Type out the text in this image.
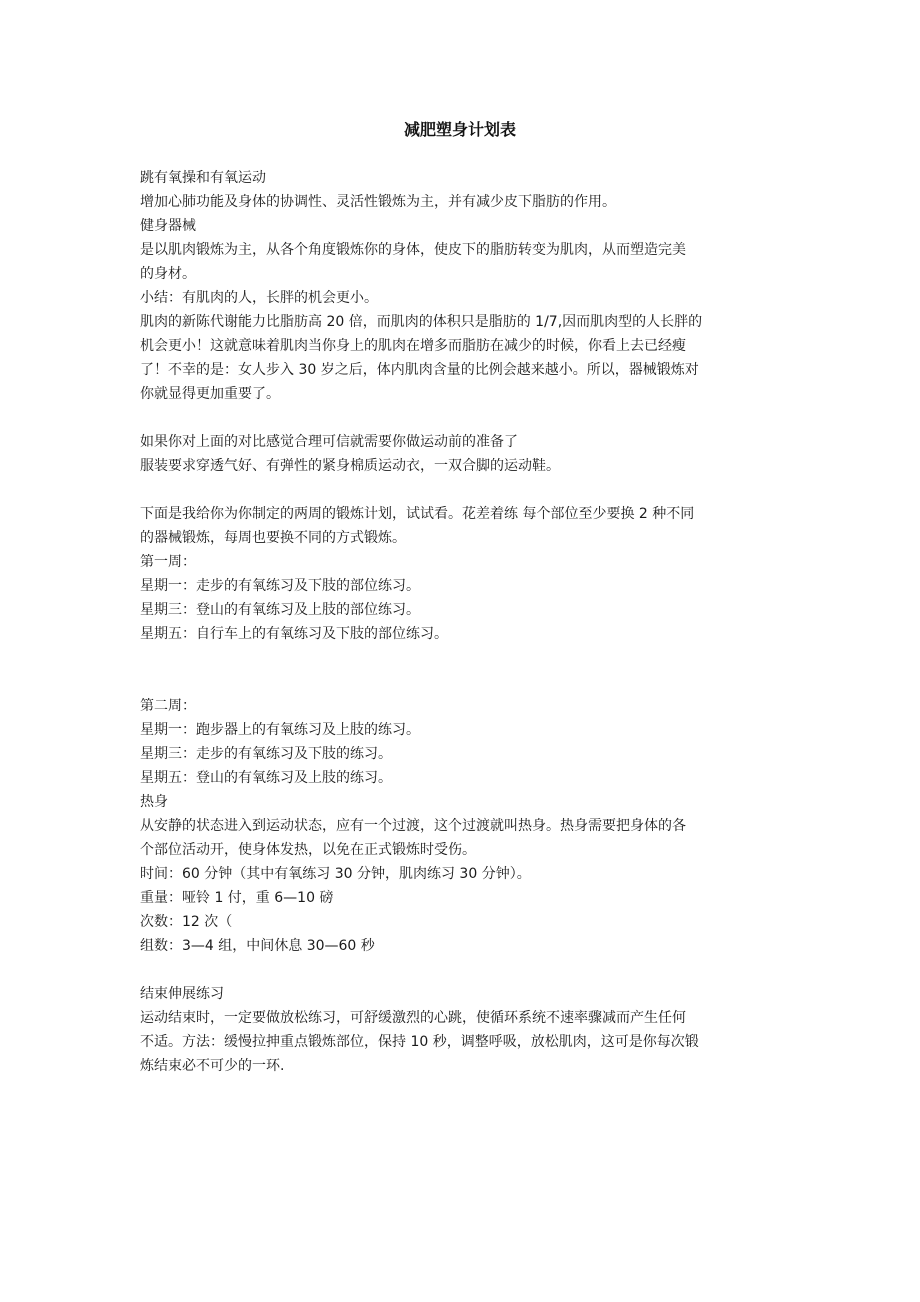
减肥塑身计划表
跳有氧操和有氧运动
增加心肺功能及身体的协调性、灵活性锻炼为主，并有减少皮下脂肪的作用。
健身器械
是以肌肉锻炼为主，从各个角度锻炼你的身体，使皮下的脂肪转变为肌肉，从而塑造完美
的身材。
小结：有肌肉的人，长胖的机会更小。
肌肉的新陈代谢能力比脂肪高 20 倍，而肌肉的体积只是脂肪的 1/7,因而肌肉型的人长胖的
机会更小！这就意味着肌肉当你身上的肌肉在增多而脂肪在减少的时候，你看上去已经瘦
了！不幸的是：女人步入 30 岁之后，体内肌肉含量的比例会越来越小。所以，器械锻炼对
你就显得更加重要了。
如果你对上面的对比感觉合理可信就需要你做运动前的准备了
服装要求穿透气好、有弹性的紧身棉质运动衣，一双合脚的运动鞋。
下面是我给你为你制定的两周的锻炼计划，试试看。花差着练 每个部位至少要换 2 种不同
的器械锻炼，每周也要换不同的方式锻炼。
第一周：
星期一：走步的有氧练习及下肢的部位练习。
星期三：登山的有氧练习及上肢的部位练习。
星期五：自行车上的有氧练习及下肢的部位练习。
第二周：
星期一：跑步器上的有氧练习及上肢的练习。
星期三：走步的有氧练习及下肢的练习。
星期五：登山的有氧练习及上肢的练习。
热身
从安静的状态进入到运动状态，应有一个过渡，这个过渡就叫热身。热身需要把身体的各
个部位活动开，使身体发热，以免在正式锻炼时受伤。
时间：60 分钟（其中有氧练习 30 分钟，肌肉练习 30 分钟）。
重量：哑铃 1 付，重 6—10 磅
次数：12 次（
组数：3—4 组，中间休息 30—60 秒
结束伸展练习
运动结束时，一定要做放松练习，可舒缓激烈的心跳，使循环系统不速率骤减而产生任何
不适。方法：缓慢拉抻重点锻炼部位，保持 10 秒，调整呼吸，放松肌肉，这可是你每次锻
炼结束必不可少的一环.
